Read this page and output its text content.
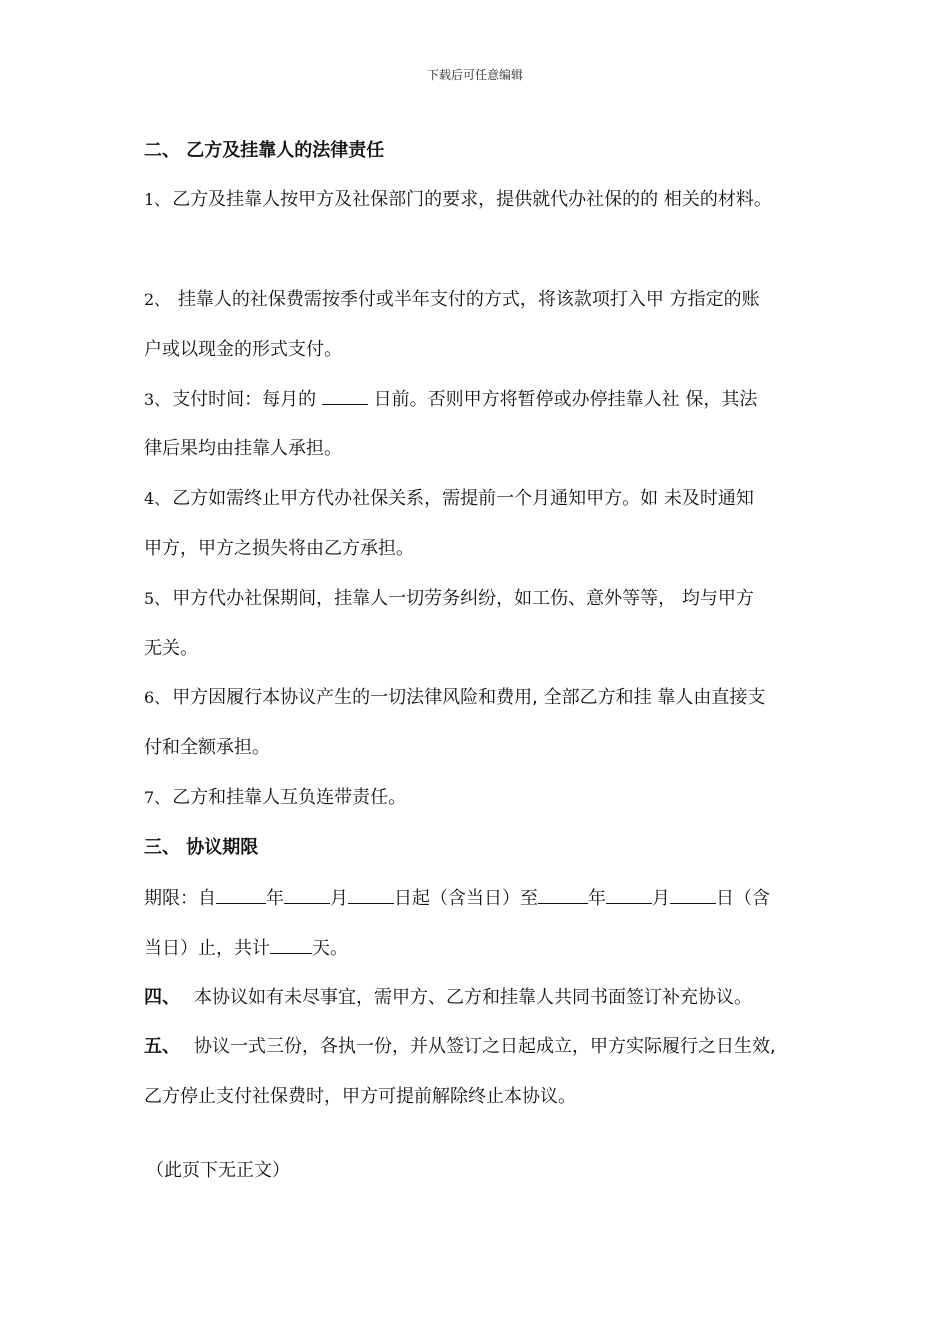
下载后可任意编辑
二、 乙方及挂靠人的法律责任
1、 乙方及挂靠人按甲方及社保部门的要求，提供就代办社保的的 相关的材料。
2、 挂靠人的社保费需按季付或半年支付的方式，将该款项打入甲 方指定的账
户或以现金的形式支付。
3、 支付时间：每月的	日前。否则甲方将暂停或办停挂靠人社 保，其法
律后果均由挂靠人承担。
4、 乙方如需终止甲方代办社保关系，需提前一个月通知甲方。如 未及时通知
甲方，甲方之损失将由乙方承担。
5、 甲方代办社保期间，挂靠人一切劳务纠纷，如工伤、意外等等， 均与甲方
无关。
6、 甲方因履行本协议产生的一切法律风险和费用, 全部乙方和挂 靠人由直接支
付和全额承担。
7、 乙方和挂靠人互负连带责任。
三、 协议期限
期限：自	年	月	日起（含当日）至	年	月	日（含
当日）止，共计 天。
四、 本协议如有未尽事宜，需甲方、乙方和挂靠人共同书面签订补充协议。
五、 协议一式三份，各执一份，并从签订之日起成立，甲方实际履行之日生效,
乙方停止支付社保费时，甲方可提前解除终止本协议。
（此页下无正文）
